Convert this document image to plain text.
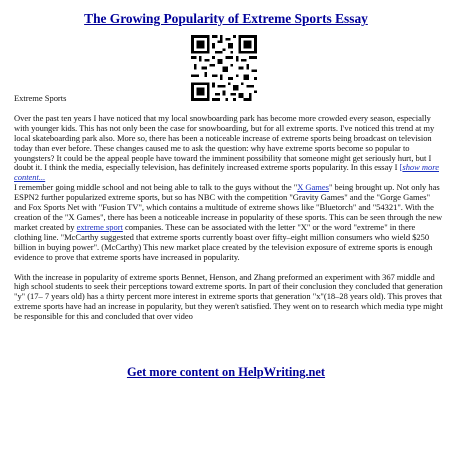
The Growing Popularity of Extreme Sports Essay

Extreme Sports

Over the past ten years I have noticed that my local snowboarding park has become more crowded every season, especially with younger kids. This has not only been the case for snowboarding, but for all extreme sports. I've noticed this trend at my local skateboarding park also. More so, there has been a noticeable increase of extreme sports being broadcast on television today than ever before. These changes caused me to ask the question: why have extreme sports become so popular to youngsters? It could be the appeal people have toward the imminent possibility that someone might get seriously hurt, but I doubt it. I think the media, especially television, has definitely increased extreme sports popularity. In this essay I [show more content...

I remember going middle school and not being able to talk to the guys without the "X Games" being brought up. Not only has ESPN2 further popularized extreme sports, but so has NBC with the competition "Gravity Games" and the "Gorge Games" and Fox Sports Net with "Fusion TV", which contains a multitude of extreme shows like "Bluetorch" and "54321". With the creation of the "X Games", there has been a noticeable increase in popularity of these sports. This can be seen through the new market created by extreme sport companies. These can be associated with the letter "X" or the word "extreme" in there clothing line. "McCarthy suggested that extreme sports currently boast over fifty–eight million consumers who wield $250 billion in buying power". (McCarthy) This new market place created by the television exposure of extreme sports is enough evidence to prove that extreme sports have increased in popularity.

With the increase in popularity of extreme sports Bennet, Henson, and Zhang preformed an experiment with 367 middle and high school students to seek their perceptions toward extreme sports. In part of their conclusion they concluded that generation "y" (17– 7 years old) has a thirty percent more interest in extreme sports that generation "x"(18–28 years old). This proves that extreme sports have had an increase in popularity, but they weren't satisfied. They went on to research which media type might be responsible for this and concluded that over video

Get more content on HelpWriting.net
